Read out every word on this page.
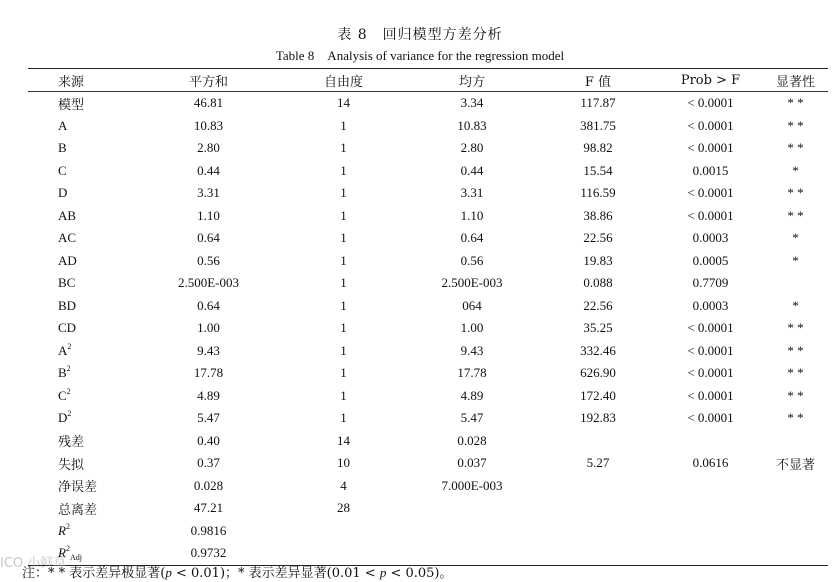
表 8　回归模型方差分析
Table 8　Analysis of variance for the regression model
来源	平方和	自由度	均方	F 值	Prob > F	显著性
模型	46.81	14	3.34	117.87	< 0.0001	* *
A	10.83	1	10.83	381.75	< 0.0001	* *
B	2.80	1	2.80	98.82	< 0.0001	* *
C	0.44	1	0.44	15.54	0.0015	*
D	3.31	1	3.31	116.59	< 0.0001	* *
AB	1.10	1	1.10	38.86	< 0.0001	* *
AC	0.64	1	0.64	22.56	0.0003	*
AD	0.56	1	0.56	19.83	0.0005	*
BC	2.500E-003	1	2.500E-003	0.088	0.7709
BD	0.64	1	064	22.56	0.0003	*
CD	1.00	1	1.00	35.25	< 0.0001	* *
$A^2$	9.43	1	9.43	332.46	< 0.0001	* *
$B^2$	17.78	1	17.78	626.90	< 0.0001	* *
$C^2$	4.89	1	4.89	172.40	< 0.0001	* *
$D^2$	5.47	1	5.47	192.83	< 0.0001	* *
残差	0.40	14	0.028
失拟	0.37	10	0.037	5.27	0.0616	不显著
净误差	0.028	4	7.000E-003
总离差	47.21	28
$R^2$	0.9816
$R^2_{Adj}$	0.9732
注：* * 表示差异极显著(p < 0.01)；* 表示差异显著(0.01 < p < 0.05)。
ICO 小鲜草
